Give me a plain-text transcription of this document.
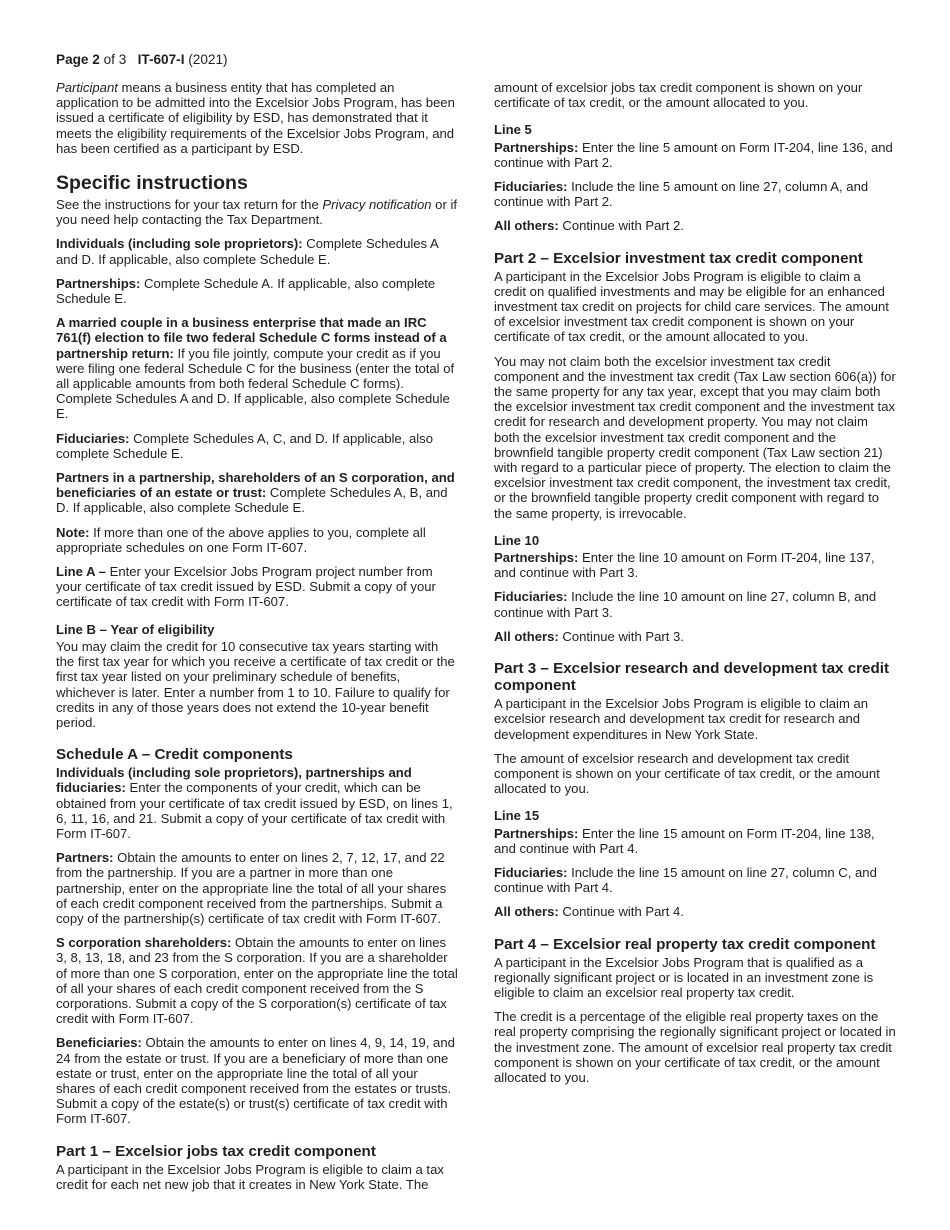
Page 2 of 3 IT-607-I (2021)

Participant means a business entity that has completed an application to be admitted into the Excelsior Jobs Program, has been issued a certificate of eligibility by ESD, has demonstrated that it meets the eligibility requirements of the Excelsior Jobs Program, and has been certified as a participant by ESD.

Specific instructions

See the instructions for your tax return for the Privacy notification or if you need help contacting the Tax Department.

Individuals (including sole proprietors): Complete Schedules A and D. If applicable, also complete Schedule E.

Partnerships: Complete Schedule A. If applicable, also complete Schedule E.

A married couple in a business enterprise that made an IRC 761(f) election to file two federal Schedule C forms instead of a partnership return: If you file jointly, compute your credit as if you were filing one federal Schedule C for the business (enter the total of all applicable amounts from both federal Schedule C forms). Complete Schedules A and D. If applicable, also complete Schedule E.

Fiduciaries: Complete Schedules A, C, and D. If applicable, also complete Schedule E.

Partners in a partnership, shareholders of an S corporation, and beneficiaries of an estate or trust: Complete Schedules A, B, and D. If applicable, also complete Schedule E.

Note: If more than one of the above applies to you, complete all appropriate schedules on one Form IT-607.

Line A – Enter your Excelsior Jobs Program project number from your certificate of tax credit issued by ESD. Submit a copy of your certificate of tax credit with Form IT-607.

Line B – Year of eligibility

You may claim the credit for 10 consecutive tax years starting with the first tax year for which you receive a certificate of tax credit or the first tax year listed on your preliminary schedule of benefits, whichever is later. Enter a number from 1 to 10. Failure to qualify for credits in any of those years does not extend the 10-year benefit period.

Schedule A – Credit components

Individuals (including sole proprietors), partnerships and fiduciaries: Enter the components of your credit, which can be obtained from your certificate of tax credit issued by ESD, on lines 1, 6, 11, 16, and 21. Submit a copy of your certificate of tax credit with Form IT-607.

Partners: Obtain the amounts to enter on lines 2, 7, 12, 17, and 22 from the partnership. If you are a partner in more than one partnership, enter on the appropriate line the total of all your shares of each credit component received from the partnerships. Submit a copy of the partnership(s) certificate of tax credit with Form IT-607.

S corporation shareholders: Obtain the amounts to enter on lines 3, 8, 13, 18, and 23 from the S corporation. If you are a shareholder of more than one S corporation, enter on the appropriate line the total of all your shares of each credit component received from the S corporations. Submit a copy of the S corporation(s) certificate of tax credit with Form IT-607.

Beneficiaries: Obtain the amounts to enter on lines 4, 9, 14, 19, and 24 from the estate or trust. If you are a beneficiary of more than one estate or trust, enter on the appropriate line the total of all your shares of each credit component received from the estates or trusts. Submit a copy of the estate(s) or trust(s) certificate of tax credit with Form IT-607.

Part 1 – Excelsior jobs tax credit component

A participant in the Excelsior Jobs Program is eligible to claim a tax credit for each net new job that it creates in New York State. The

amount of excelsior jobs tax credit component is shown on your certificate of tax credit, or the amount allocated to you.

Line 5

Partnerships: Enter the line 5 amount on Form IT-204, line 136, and continue with Part 2.

Fiduciaries: Include the line 5 amount on line 27, column A, and continue with Part 2.

All others: Continue with Part 2.

Part 2 – Excelsior investment tax credit component

A participant in the Excelsior Jobs Program is eligible to claim a credit on qualified investments and may be eligible for an enhanced investment tax credit on projects for child care services. The amount of excelsior investment tax credit component is shown on your certificate of tax credit, or the amount allocated to you.

You may not claim both the excelsior investment tax credit component and the investment tax credit (Tax Law section 606(a)) for the same property for any tax year, except that you may claim both the excelsior investment tax credit component and the investment tax credit for research and development property. You may not claim both the excelsior investment tax credit component and the brownfield tangible property credit component (Tax Law section 21) with regard to a particular piece of property. The election to claim the excelsior investment tax credit component, the investment tax credit, or the brownfield tangible property credit component with regard to the same property, is irrevocable.

Line 10

Partnerships: Enter the line 10 amount on Form IT-204, line 137, and continue with Part 3.

Fiduciaries: Include the line 10 amount on line 27, column B, and continue with Part 3.

All others: Continue with Part 3.

Part 3 – Excelsior research and development tax credit component

A participant in the Excelsior Jobs Program is eligible to claim an excelsior research and development tax credit for research and development expenditures in New York State.

The amount of excelsior research and development tax credit component is shown on your certificate of tax credit, or the amount allocated to you.

Line 15

Partnerships: Enter the line 15 amount on Form IT-204, line 138, and continue with Part 4.

Fiduciaries: Include the line 15 amount on line 27, column C, and continue with Part 4.

All others: Continue with Part 4.

Part 4 – Excelsior real property tax credit component

A participant in the Excelsior Jobs Program that is qualified as a regionally significant project or is located in an investment zone is eligible to claim an excelsior real property tax credit.

The credit is a percentage of the eligible real property taxes on the real property comprising the regionally significant project or located in the investment zone. The amount of excelsior real property tax credit component is shown on your certificate of tax credit, or the amount allocated to you.
